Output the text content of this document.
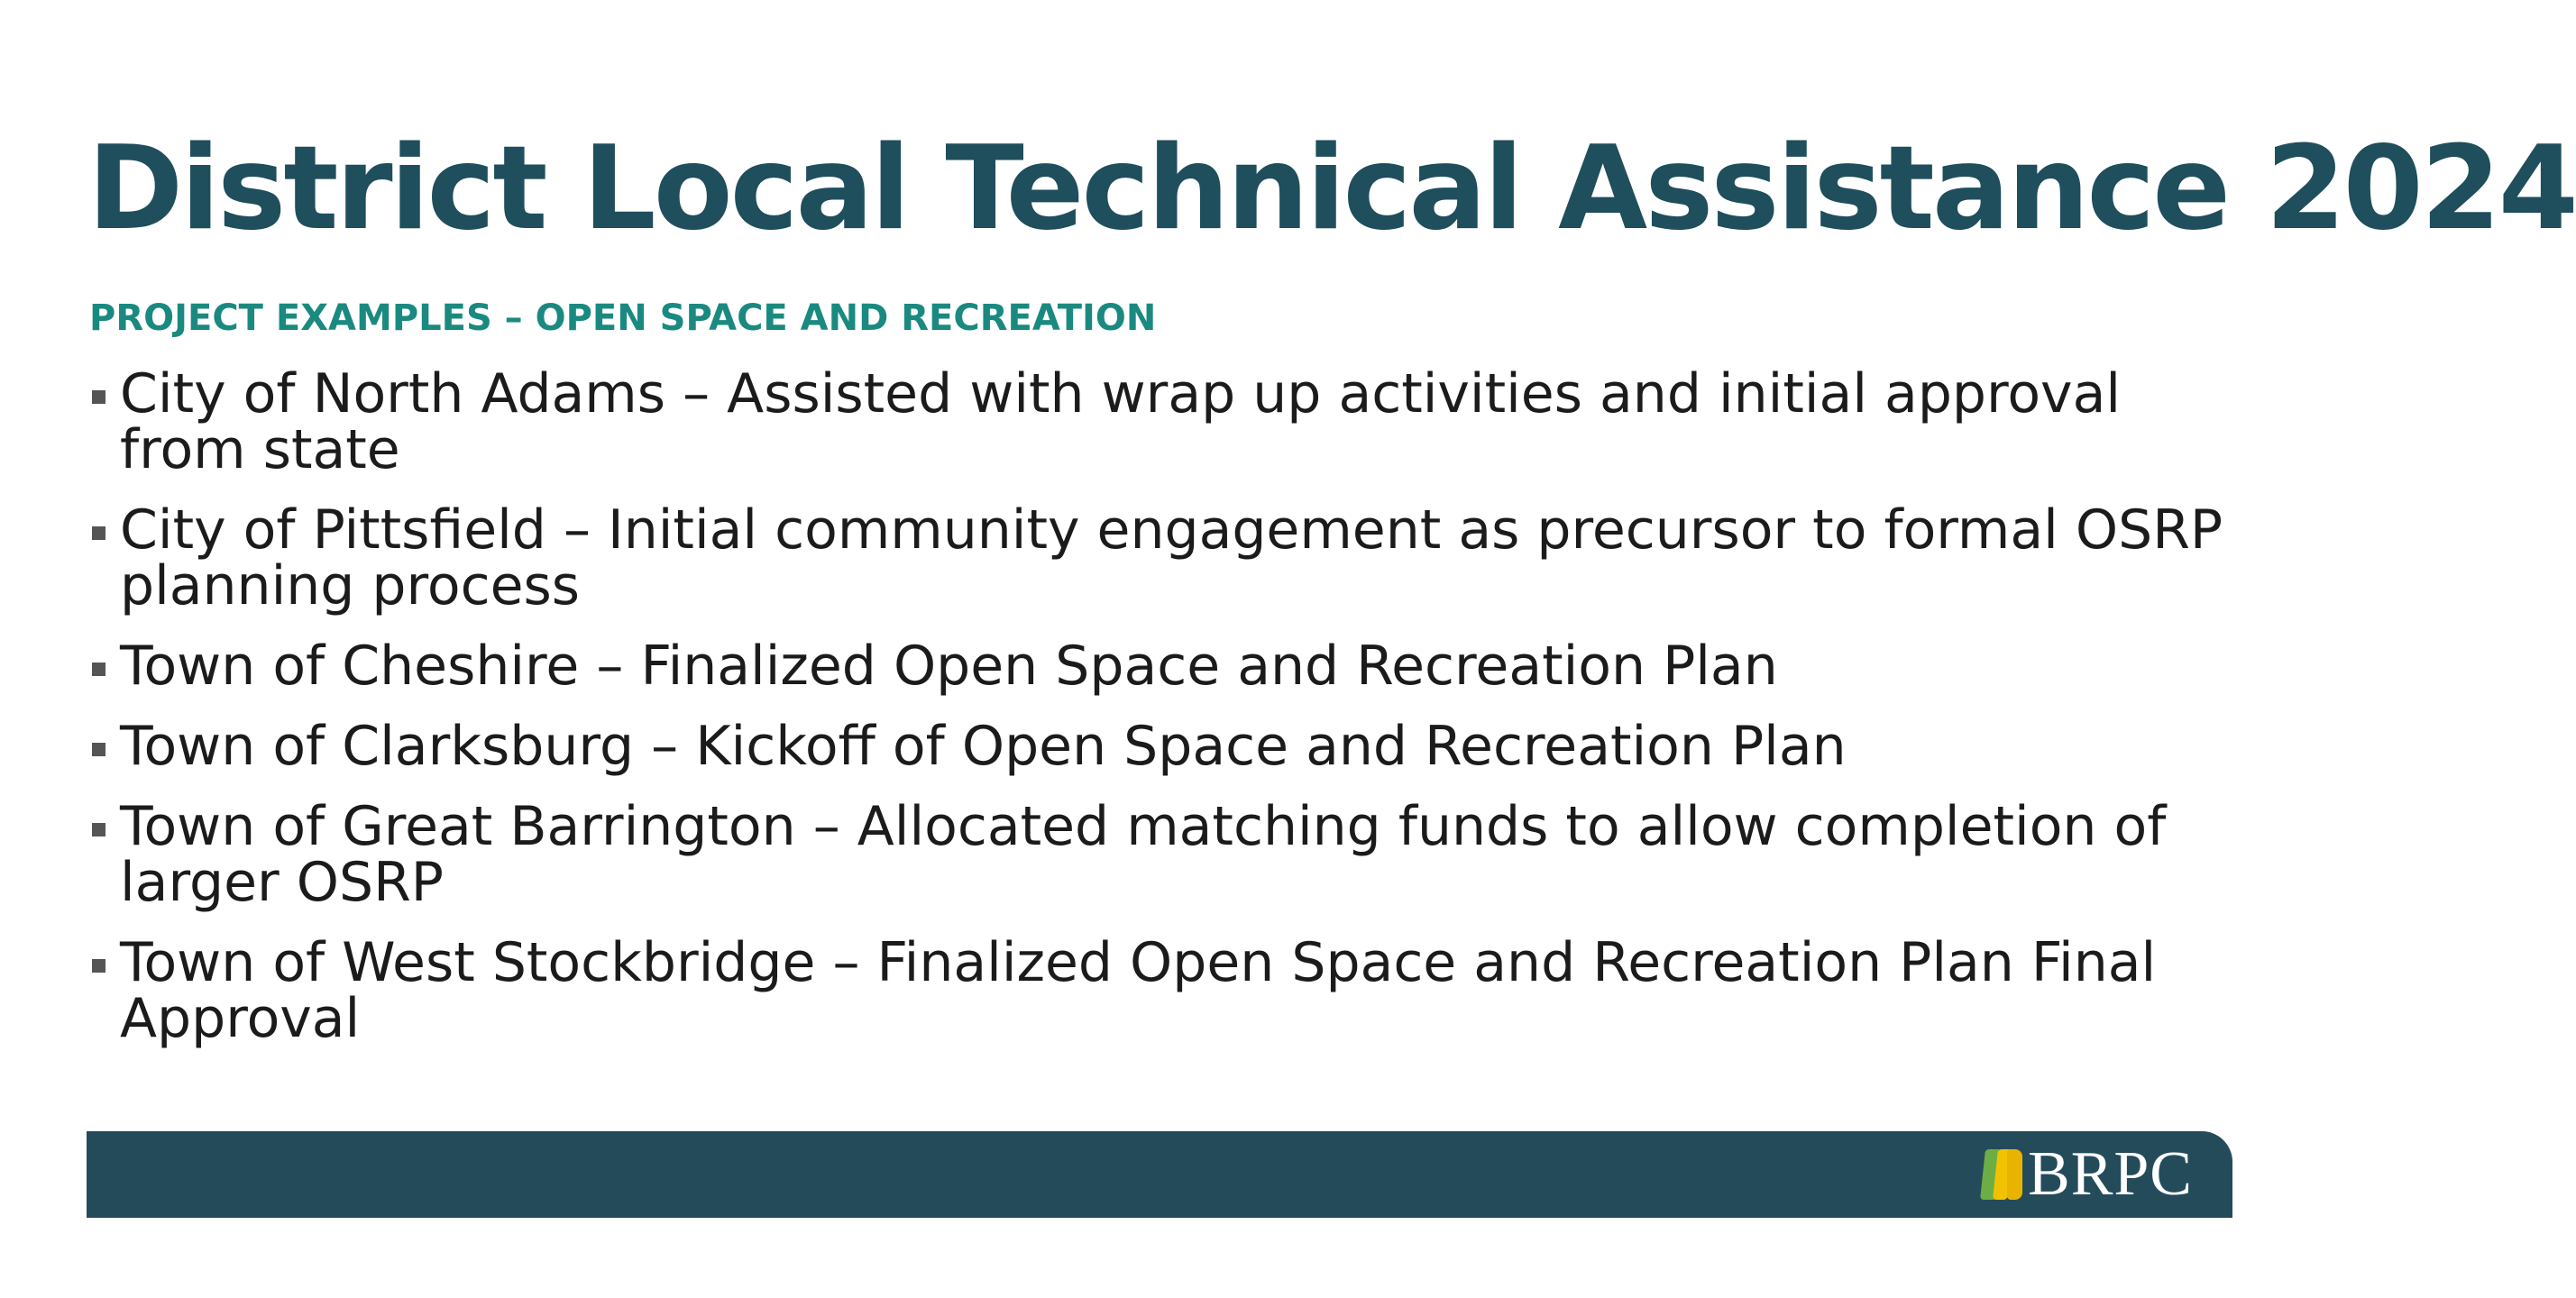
District Local Technical Assistance 2024

PROJECT EXAMPLES – OPEN SPACE AND RECREATION

City of North Adams – Assisted with wrap up activities and initial approval from state
City of Pittsfield – Initial community engagement as precursor to formal OSRP planning process
Town of Cheshire – Finalized Open Space and Recreation Plan
Town of Clarksburg – Kickoff of Open Space and Recreation Plan
Town of Great Barrington – Allocated matching funds to allow completion of larger OSRP
Town of West Stockbridge – Finalized Open Space and Recreation Plan Final Approval
BRPC
